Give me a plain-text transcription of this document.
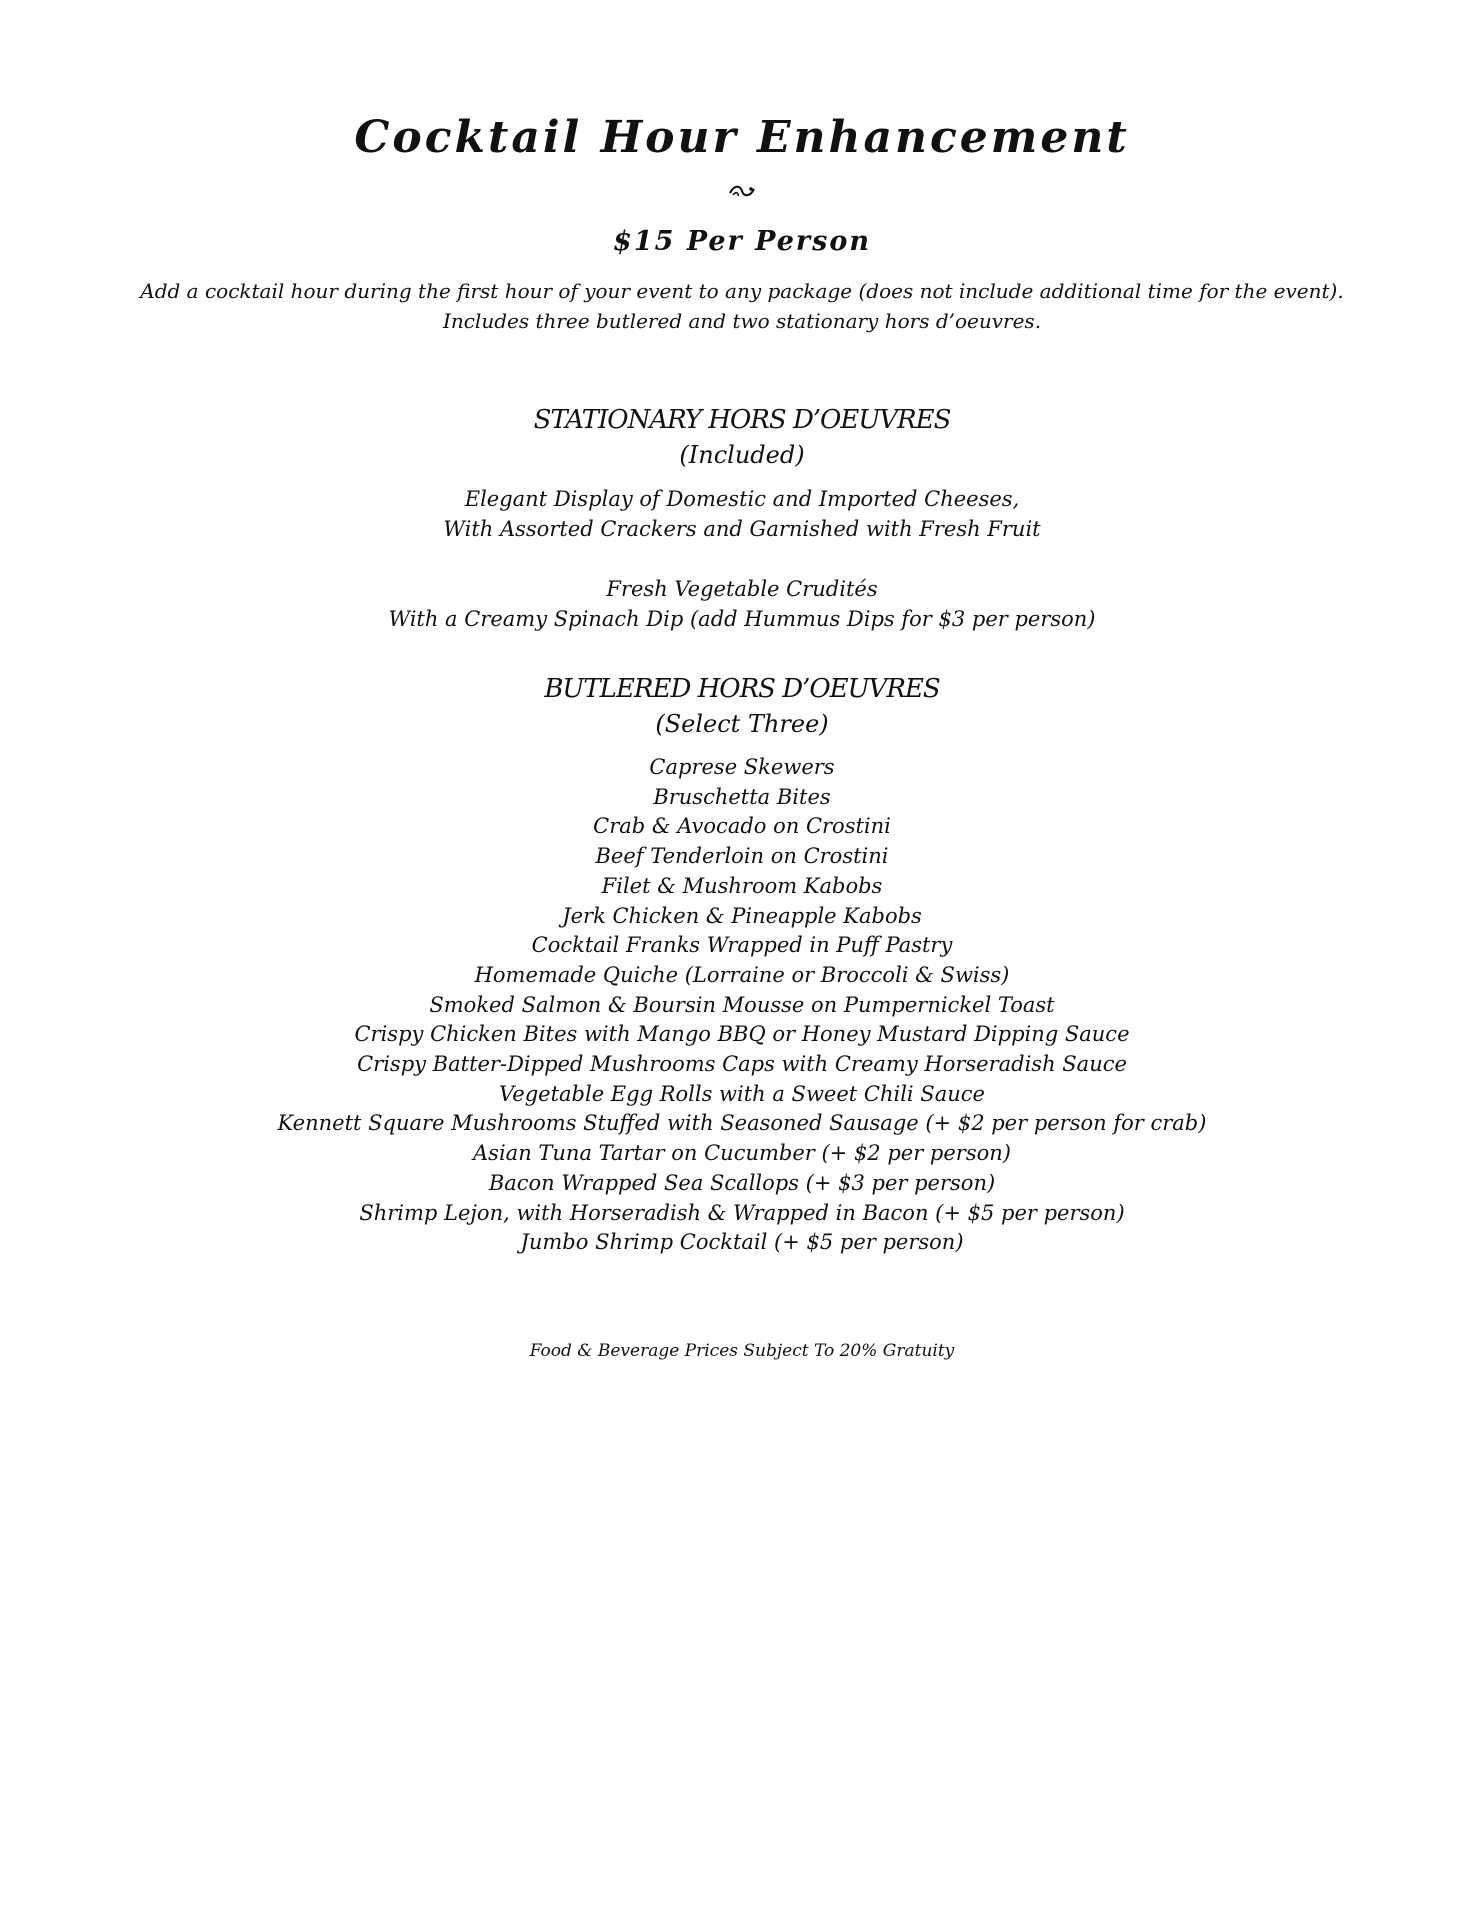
Cocktail Hour Enhancement
$15 Per Person
Add a cocktail hour during the first hour of your event to any package (does not include additional time for the event).
Includes three butlered and two stationary hors d’oeuvres.
STATIONARY HORS D’OEUVRES
(Included)
Elegant Display of Domestic and Imported Cheeses,
With Assorted Crackers and Garnished with Fresh Fruit
Fresh Vegetable Crudités
With a Creamy Spinach Dip (add Hummus Dips for $3 per person)
BUTLERED HORS D’OEUVRES
(Select Three)
Caprese Skewers
Bruschetta Bites
Crab & Avocado on Crostini
Beef Tenderloin on Crostini
Filet & Mushroom Kabobs
Jerk Chicken & Pineapple Kabobs
Cocktail Franks Wrapped in Puff Pastry
Homemade Quiche (Lorraine or Broccoli & Swiss)
Smoked Salmon & Boursin Mousse on Pumpernickel Toast
Crispy Chicken Bites with Mango BBQ or Honey Mustard Dipping Sauce
Crispy Batter-Dipped Mushrooms Caps with Creamy Horseradish Sauce
Vegetable Egg Rolls with a Sweet Chili Sauce
Kennett Square Mushrooms Stuffed with Seasoned Sausage (+ $2 per person for crab)
Asian Tuna Tartar on Cucumber (+ $2 per person)
Bacon Wrapped Sea Scallops (+ $3 per person)
Shrimp Lejon, with Horseradish & Wrapped in Bacon (+ $5 per person)
Jumbo Shrimp Cocktail (+ $5 per person)
Food & Beverage Prices Subject To 20% Gratuity
